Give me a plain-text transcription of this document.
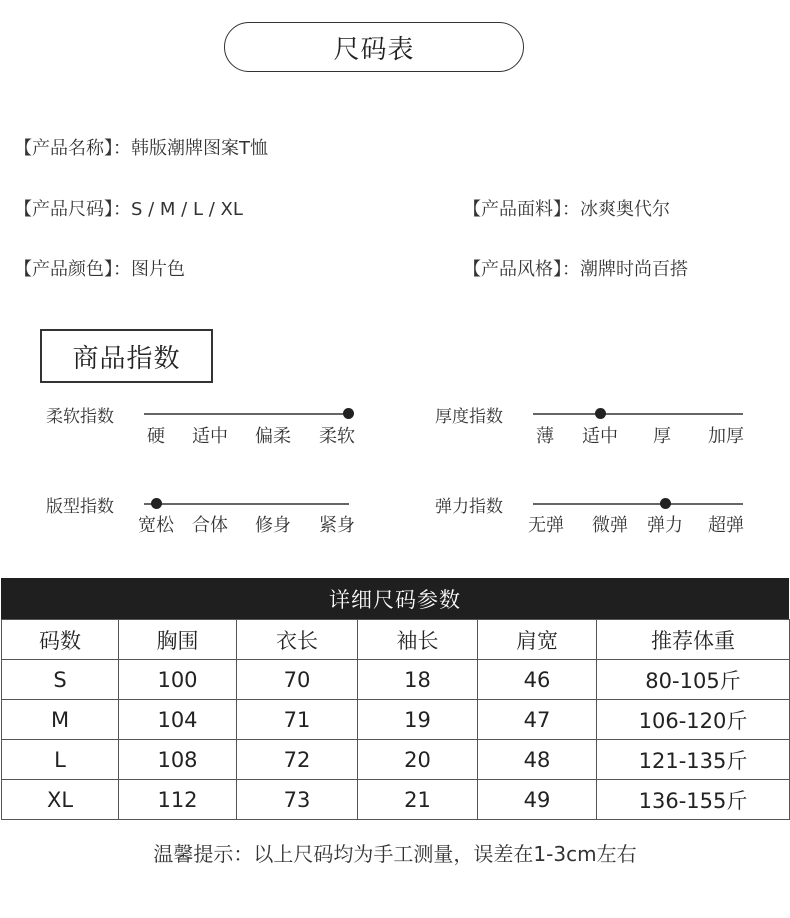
尺码表
【产品名称】：韩版潮牌图案T恤
【产品尺码】：S / M / L / XL	【产品面料】：冰爽奥代尔
【产品颜色】：图片色	【产品风格】：潮牌时尚百搭
商品指数
柔软指数
硬 适中 偏柔 柔软
厚度指数
薄 适中 厚 加厚
版型指数
宽松 合体 修身 紧身
弹力指数
无弹 微弹 弹力 超弹
详细尺码参数
码数	胸围	衣长	袖长	肩宽	推荐体重
S	100	70	18	46	80-105斤
M	104	71	19	47	106-120斤
L	108	72	20	48	121-135斤
XL	112	73	21	49	136-155斤
温馨提示：以上尺码均为手工测量，误差在1-3cm左右
